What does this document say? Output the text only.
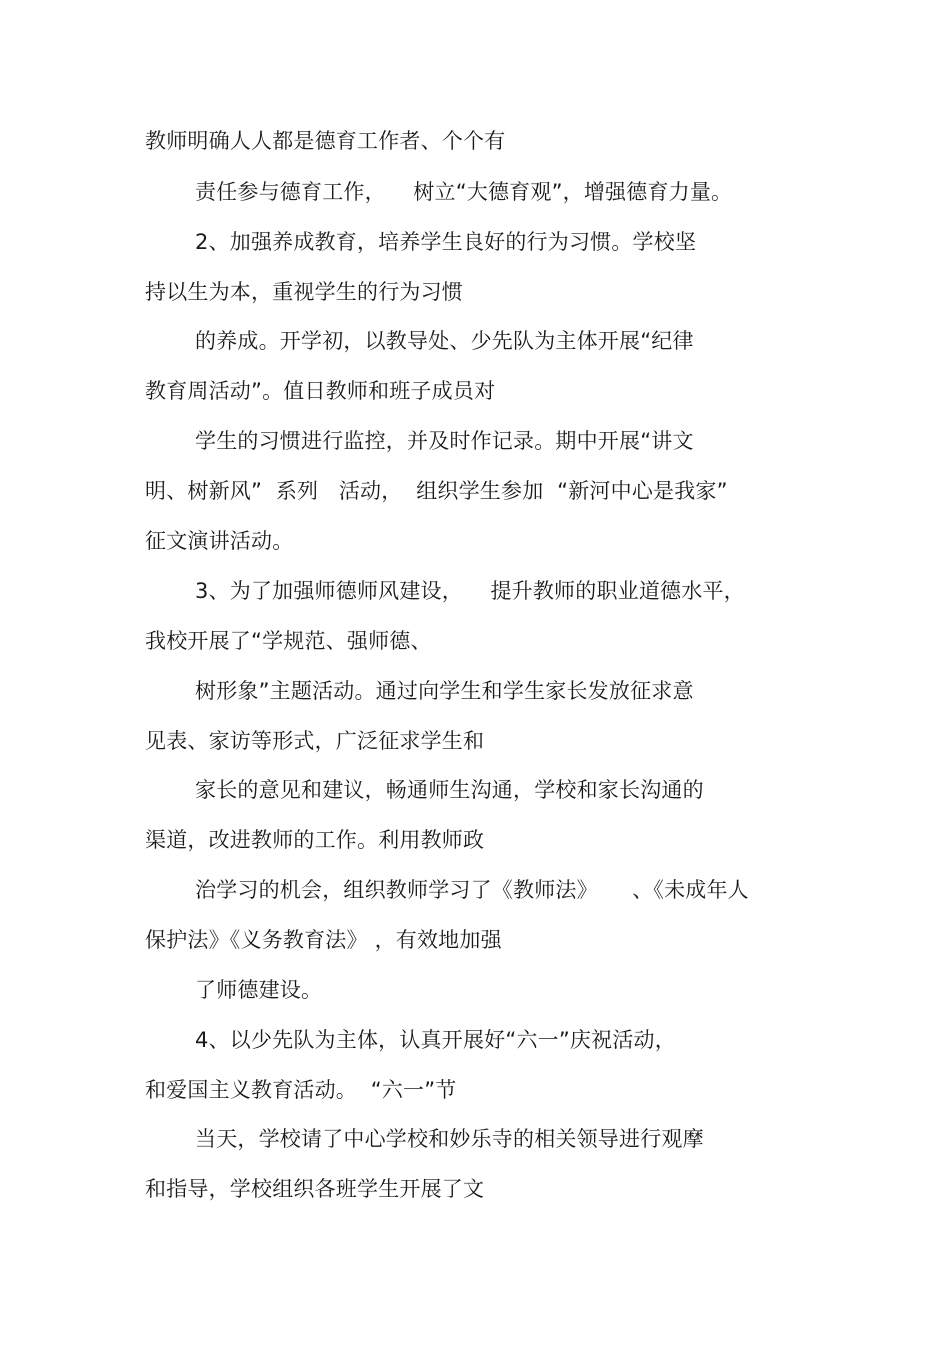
教师明确人人都是德育工作者、个个有
责任参与德育工作，    树立“大德育观”，增强德育力量。
2、加强养成教育，培养学生良好的行为习惯。学校坚
持以生为本，重视学生的行为习惯
的养成。开学初，以教导处、少先队为主体开展“纪律
教育周活动”。值日教师和班子成员对
学生的习惯进行监控，并及时作记录。期中开展“讲文
明、树新风”  系列   活动，  组织学生参加  “新河中心是我家”
征文演讲活动。
3、为了加强师德师风建设，    提升教师的职业道德水平，
我校开展了“学规范、强师德、
树形象”主题活动。通过向学生和学生家长发放征求意
见表、家访等形式，广泛征求学生和
家长的意见和建议，畅通师生沟通，学校和家长沟通的
渠道，改进教师的工作。利用教师政
治学习的机会，组织教师学习了《教师法》     、《未成年人
保护法》《义务教育法》 ，有效地加强
了师德建设。
4、以少先队为主体，认真开展好“六一”庆祝活动，
和爱国主义教育活动。  “六一”节
当天，学校请了中心学校和妙乐寺的相关领导进行观摩
和指导，学校组织各班学生开展了文
